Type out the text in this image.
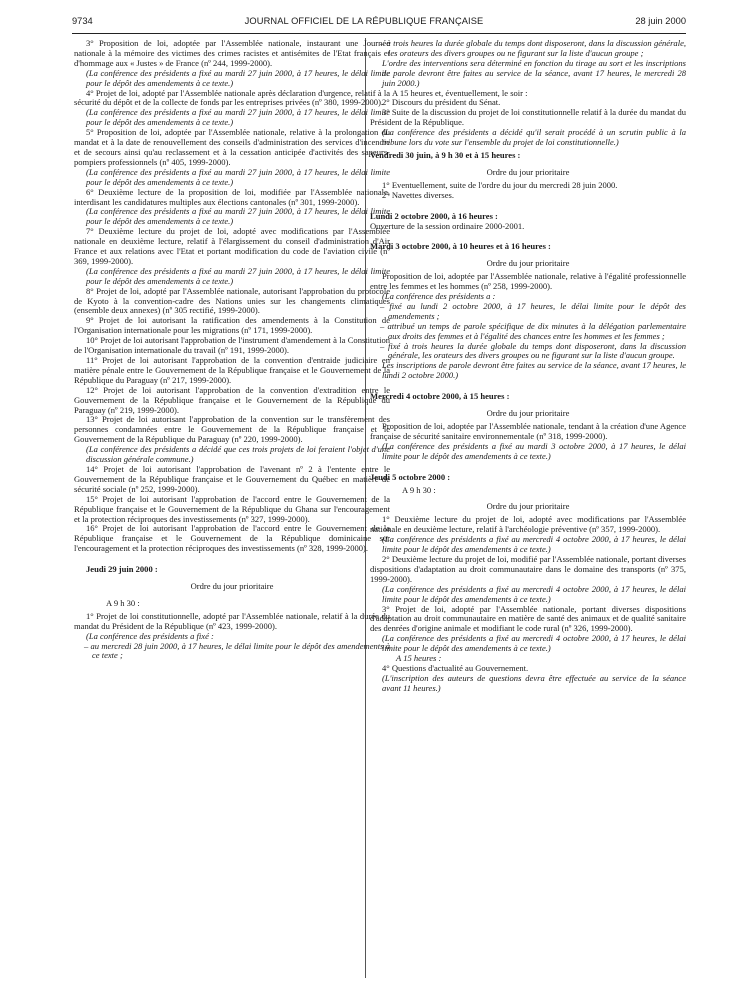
9734	JOURNAL OFFICIEL DE LA RÉPUBLIQUE FRANÇAISE	28 juin 2000

3° Proposition de loi, adoptée par l'Assemblée nationale, instaurant une Journée nationale à la mémoire des victimes des crimes racistes et antisémites de l'Etat français et d'hommage aux « Justes » de France (nº 244, 1999-2000).

(La conférence des présidents a fixé au mardi 27 juin 2000, à 17 heures, le délai limite pour le dépôt des amendements à ce texte.)

4° Projet de loi, adopté par l'Assemblée nationale après déclaration d'urgence, relatif à la sécurité du dépôt et de la collecte de fonds par les entreprises privées (nº 380, 1999-2000).

(La conférence des présidents a fixé au mardi 27 juin 2000, à 17 heures, le délai limite pour le dépôt des amendements à ce texte.)

5° Proposition de loi, adoptée par l'Assemblée nationale, relative à la prolongation du mandat et à la date de renouvellement des conseils d'administration des services d'incendie et de secours ainsi qu'au reclassement et à la cessation anticipée d'activités des sapeurs-pompiers professionnels (nº 405, 1999-2000).

(La conférence des présidents a fixé au mardi 27 juin 2000, à 17 heures, le délai limite pour le dépôt des amendements à ce texte.)

6° Deuxième lecture de la proposition de loi, modifiée par l'Assemblée nationale, interdisant les candidatures multiples aux élections cantonales (nº 301, 1999-2000).

(La conférence des présidents a fixé au mardi 27 juin 2000, à 17 heures, le délai limite pour le dépôt des amendements à ce texte.)

7° Deuxième lecture du projet de loi, adopté avec modifications par l'Assemblée nationale en deuxième lecture, relatif à l'élargissement du conseil d'administration d'Air France et aux relations avec l'Etat et portant modification du code de l'aviation civile (nº 369, 1999-2000).

(La conférence des présidents a fixé au mardi 27 juin 2000, à 17 heures, le délai limite pour le dépôt des amendements à ce texte.)

8° Projet de loi, adopté par l'Assemblée nationale, autorisant l'approbation du protocole de Kyoto à la convention-cadre des Nations unies sur les changements climatiques (ensemble deux annexes) (nº 305 rectifié, 1999-2000).

9° Projet de loi autorisant la ratification des amendements à la Constitution de l'Organisation internationale pour les migrations (nº 171, 1999-2000).

10° Projet de loi autorisant l'approbation de l'instrument d'amendement à la Constitution de l'Organisation internationale du travail (nº 191, 1999-2000).

11° Projet de loi autorisant l'approbation de la convention d'entraide judiciaire en matière pénale entre le Gouvernement de la République française et le Gouvernement de la République du Paraguay (nº 217, 1999-2000).

12° Projet de loi autorisant l'approbation de la convention d'extradition entre le Gouvernement de la République française et le Gouvernement de la République du Paraguay (nº 219, 1999-2000).

13° Projet de loi autorisant l'approbation de la convention sur le transfèrement des personnes condamnées entre le Gouvernement de la République française et le Gouvernement de la République du Paraguay (nº 220, 1999-2000).

(La conférence des présidents a décidé que ces trois projets de loi feraient l'objet d'une discussion générale commune.)

14° Projet de loi autorisant l'approbation de l'avenant nº 2 à l'entente entre le Gouvernement de la République française et le Gouvernement du Québec en matière de sécurité sociale (nº 252, 1999-2000).

15° Projet de loi autorisant l'approbation de l'accord entre le Gouvernement de la République française et le Gouvernement de la République du Ghana sur l'encouragement et la protection réciproques des investissements (nº 327, 1999-2000).

16° Projet de loi autorisant l'approbation de l'accord entre le Gouvernement de la République française et le Gouvernement de la République dominicaine sur l'encouragement et la protection réciproques des investissements (nº 328, 1999-2000).

Jeudi 29 juin 2000 :

Ordre du jour prioritaire

A 9 h 30 :

1° Projet de loi constitutionnelle, adopté par l'Assemblée nationale, relatif à la durée du mandat du Président de la République (nº 423, 1999-2000).

(La conférence des présidents a fixé :

– au mercredi 28 juin 2000, à 17 heures, le délai limite pour le dépôt des amendements à ce texte ;

– à trois heures la durée globale du temps dont disposeront, dans la discussion générale, les orateurs des divers groupes ou ne figurant sur la liste d'aucun groupe ;

L'ordre des interventions sera déterminé en fonction du tirage au sort et les inscriptions de parole devront être faites au service de la séance, avant 17 heures, le mercredi 28 juin 2000.)

A 15 heures et, éventuellement, le soir :

2° Discours du président du Sénat.

3° Suite de la discussion du projet de loi constitutionnelle relatif à la durée du mandat du Président de la République.

(La conférence des présidents a décidé qu'il serait procédé à un scrutin public à la tribune lors du vote sur l'ensemble du projet de loi constitutionnelle.)

Vendredi 30 juin, à 9 h 30 et à 15 heures :

Ordre du jour prioritaire

1° Eventuellement, suite de l'ordre du jour du mercredi 28 juin 2000.

2° Navettes diverses.

Lundi 2 octobre 2000, à 16 heures :

Ouverture de la session ordinaire 2000-2001.

Mardi 3 octobre 2000, à 10 heures et à 16 heures :

Ordre du jour prioritaire

Proposition de loi, adoptée par l'Assemblée nationale, relative à l'égalité professionnelle entre les femmes et les hommes (nº 258, 1999-2000).

(La conférence des présidents a :

– fixé au lundi 2 octobre 2000, à 17 heures, le délai limite pour le dépôt des amendements ;

– attribué un temps de parole spécifique de dix minutes à la délégation parlementaire aux droits des femmes et à l'égalité des chances entre les hommes et les femmes ;

– fixé à trois heures la durée globale du temps dont disposeront, dans la discussion générale, les orateurs des divers groupes ou ne figurant sur la liste d'aucun groupe.

Les inscriptions de parole devront être faites au service de la séance, avant 17 heures, le lundi 2 octobre 2000.)

Mercredi 4 octobre 2000, à 15 heures :

Ordre du jour prioritaire

Proposition de loi, adoptée par l'Assemblée nationale, tendant à la création d'une Agence française de sécurité sanitaire environnementale (nº 318, 1999-2000).

(La conférence des présidents a fixé au mardi 3 octobre 2000, à 17 heures, le délai limite pour le dépôt des amendements à ce texte.)

Jeudi 5 octobre 2000 :

A 9 h 30 :

Ordre du jour prioritaire

1° Deuxième lecture du projet de loi, adopté avec modifications par l'Assemblée nationale en deuxième lecture, relatif à l'archéologie préventive (nº 357, 1999-2000).

(La conférence des présidents a fixé au mercredi 4 octobre 2000, à 17 heures, le délai limite pour le dépôt des amendements à ce texte.)

2° Deuxième lecture du projet de loi, modifié par l'Assemblée nationale, portant diverses dispositions d'adaptation au droit communautaire dans le domaine des transports (nº 375, 1999-2000).

(La conférence des présidents a fixé au mercredi 4 octobre 2000, à 17 heures, le délai limite pour le dépôt des amendements à ce texte.)

3° Projet de loi, adopté par l'Assemblée nationale, portant diverses dispositions d'adaptation au droit communautaire en matière de santé des animaux et de qualité sanitaire des denrées d'origine animale et modifiant le code rural (nº 326, 1999-2000).

(La conférence des présidents a fixé au mercredi 4 octobre 2000, à 17 heures, le délai limite pour le dépôt des amendements à ce texte.)

A 15 heures :

4° Questions d'actualité au Gouvernement.

(L'inscription des auteurs de questions devra être effectuée au service de la séance avant 11 heures.)
